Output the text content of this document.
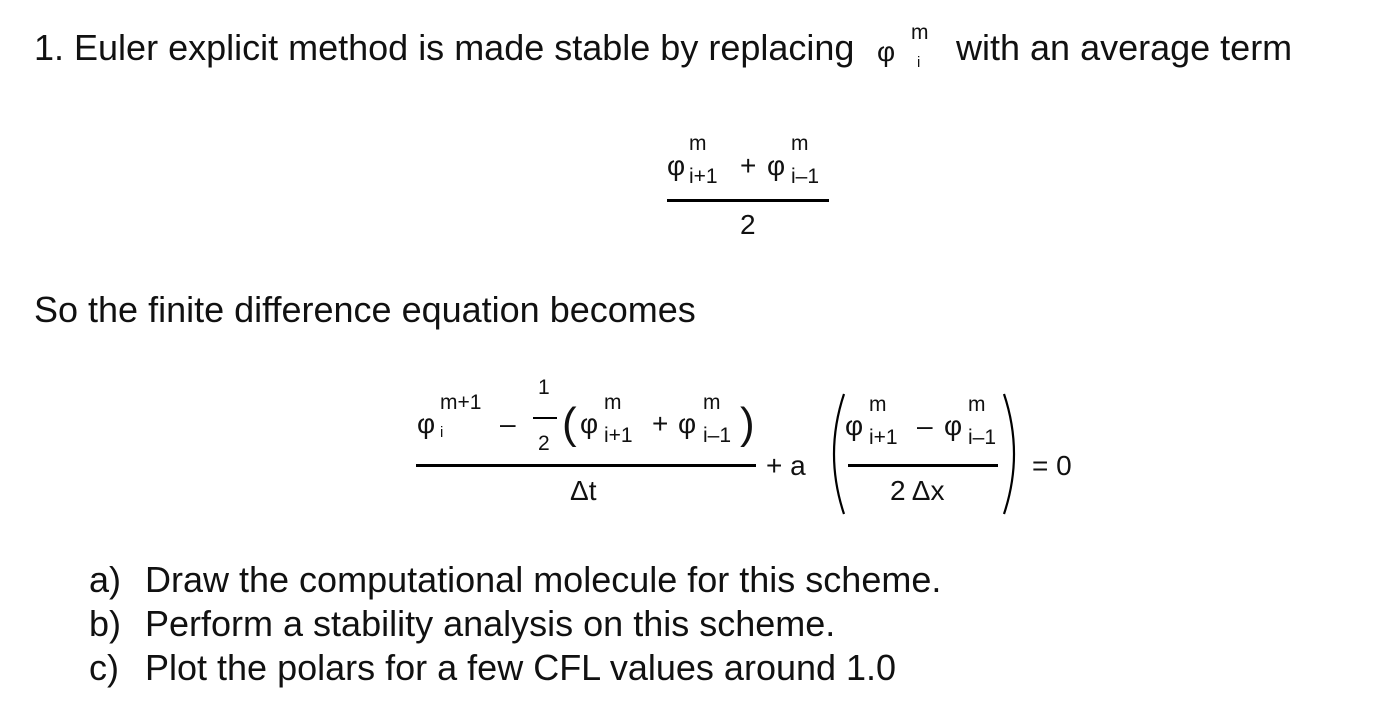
1. Euler explicit method is made stable by replacing φ
m
i with an average term
φ
m
i+1 + φ
m
i–1
2
So the finite difference equation becomes
φ
m+1
i –
1
2 ( φ
m
i+1 + φ
m
i–1 )
Δt
+ a
φ
m
i+1 – φ
m
i–1
2 Δx
= 0
a) Draw the computational molecule for this scheme.
b) Perform a stability analysis on this scheme.
c) Plot the polars for a few CFL values around 1.0
